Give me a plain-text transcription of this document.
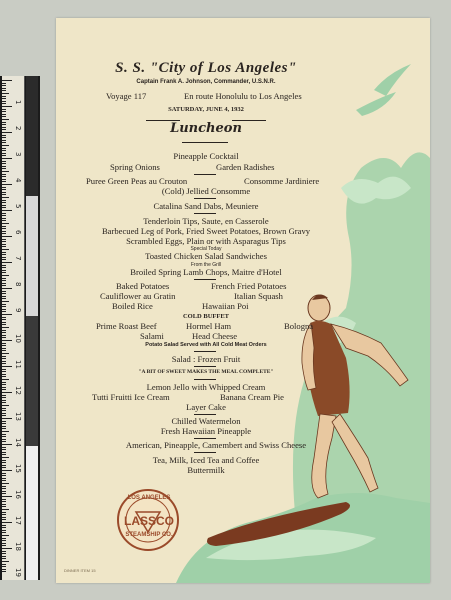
1
2
3
4
5
6
7
8
9
10
11
12
13
14
15
16
17
18
19
LOS ANGELES
LASSCO
STEAMSHIP CO.
S. S. "City of Los Angeles"
Captain Frank A. Johnson, Commander, U.S.N.R.
Voyage 117	En route Honolulu to Los Angeles
SATURDAY, JUNE 4, 1932
Luncheon
Pineapple Cocktail
Spring Onions	Garden Radishes
Puree Green Peas au Crouton	Consomme Jardiniere
(Cold) Jellied Consomme
Catalina Sand Dabs, Meuniere
Tenderloin Tips, Saute, en Casserole
Barbecued Leg of Pork, Fried Sweet Potatoes, Brown Gravy
Scrambled Eggs, Plain or with Asparagus Tips
Special Today
Toasted Chicken Salad Sandwiches
From the Grill
Broiled Spring Lamb Chops, Maitre d'Hotel
Baked Potatoes	French Fried Potatoes
Cauliflower au Gratin	Italian Squash
Boiled Rice	Hawaiian Poi
COLD BUFFET
Prime Roast Beef	Hormel Ham	Bologna
Salami	Head Cheese
Potato Salad Served with All Cold Meat Orders
Salad : Frozen Fruit
"A BIT OF SWEET MAKES THE MEAL COMPLETE"
Lemon Jello with Whipped Cream
Tutti Fruitti Ice Cream	Banana Cream Pie
Layer Cake
Chilled Watermelon
Fresh Hawaiian Pineapple
American, Pineapple, Camembert and Swiss Cheese
Tea, Milk, Iced Tea and Coffee
Buttermilk
DINNER ITEM 15
